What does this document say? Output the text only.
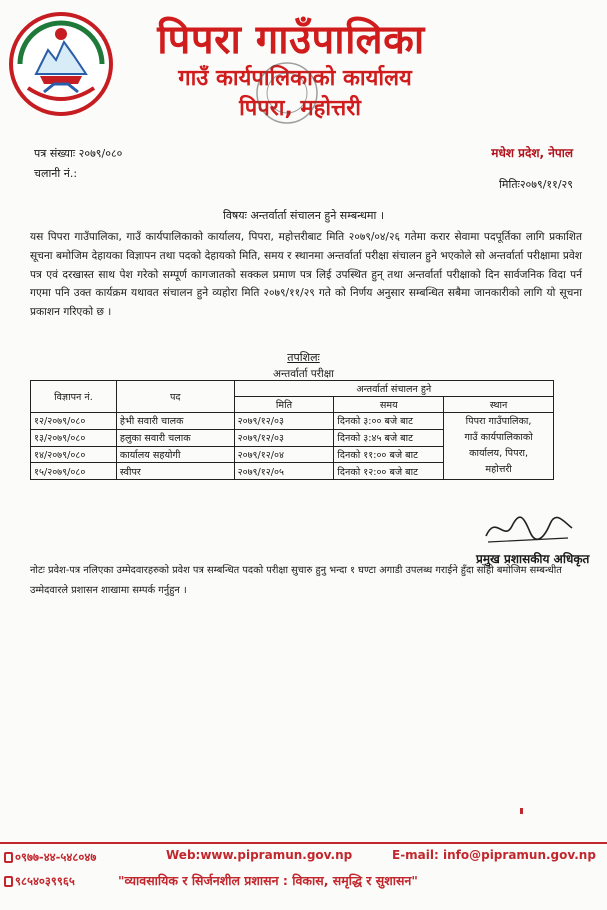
पिपरा गाउँपालिका
गाउँ कार्यपालिकाको कार्यालय
पिपरा, महोत्तरी
पत्र संख्याः २०७९/०८०
चलानी नं.:
मधेश प्रदेश, नेपाल
मितिः२०७९/११/२९
विषयः अन्तर्वार्ता संचालन हुने सम्बन्धमा ।
यस पिपरा गाउँपालिका, गाउँ कार्यपालिकाको कार्यालय, पिपरा, महोत्तरीबाट मिति २०७९/०४/२६ गतेमा करार सेवामा पदपूर्तिका लागि प्रकाशित सूचना बमोजिम देहायका विज्ञापन तथा पदको देहायको मिति, समय र स्थानमा अन्तर्वार्ता परीक्षा संचालन हुने भएकोले सो अन्तर्वार्ता परीक्षामा प्रवेश पत्र एवं दरखास्त साथ पेश गरेको सम्पूर्ण कागजातको सक्कल प्रमाण पत्र लिई उपस्थित हुन् तथा अन्तर्वार्ता परीक्षाको दिन सार्वजनिक विदा पर्न गएमा पनि उक्त कार्यक्रम यथावत संचालन हुने व्यहोरा मिति २०७९/११/२९ गते को निर्णय अनुसार सम्बन्धित सबैमा जानकारीको लागि यो सूचना प्रकाशन गरिएको छ ।
तपशिलः
अन्तर्वार्ता परीक्षा
विज्ञापन नं.	पद	अन्तर्वार्ता संचालन हुने		
		मिति	समय	स्थान
१२/२०७९/०८०	हेभी सवारी चालक	२०७९/१२/०३	दिनको ३:०० बजे बाट	पिपरा गाउँपालिका,
गाउँ कार्यपालिकाको
कार्यालय, पिपरा,
महोत्तरी

१३/२०७९/०८०	हलुका सवारी चलाक	२०७९/१२/०३	दिनको ३:४५ बजे बाट	
१४/२०७९/०८०	कार्यालय सहयोगी	२०७९/१२/०४	दिनको ११:०० बजे बाट	
१५/२०७९/०८०	स्वीपर	२०७९/१२/०५	दिनको १२:०० बजे बाट	
प्रमुख प्रशासकीय अधिकृत
नोटः प्रवेश-पत्र नलिएका उम्मेदवारहरुको प्रवेश पत्र सम्बन्धित पदको परीक्षा सुचारु हुनु भन्दा १ घण्टा अगाडी उपलब्ध गराईने हुँदा सोही बमोजिम सम्बन्धीत उम्मेदवारले प्रशासन शाखामा सम्पर्क गर्नुहुन ।
०९७७-४४-५४८०४७	Web:www.pipramun.gov.np	E-mail: info@pipramun.gov.np
९८५४०३९९६५	"व्यावसायिक र सिर्जनशील प्रशासन : विकास, समृद्धि र सुशासन"
